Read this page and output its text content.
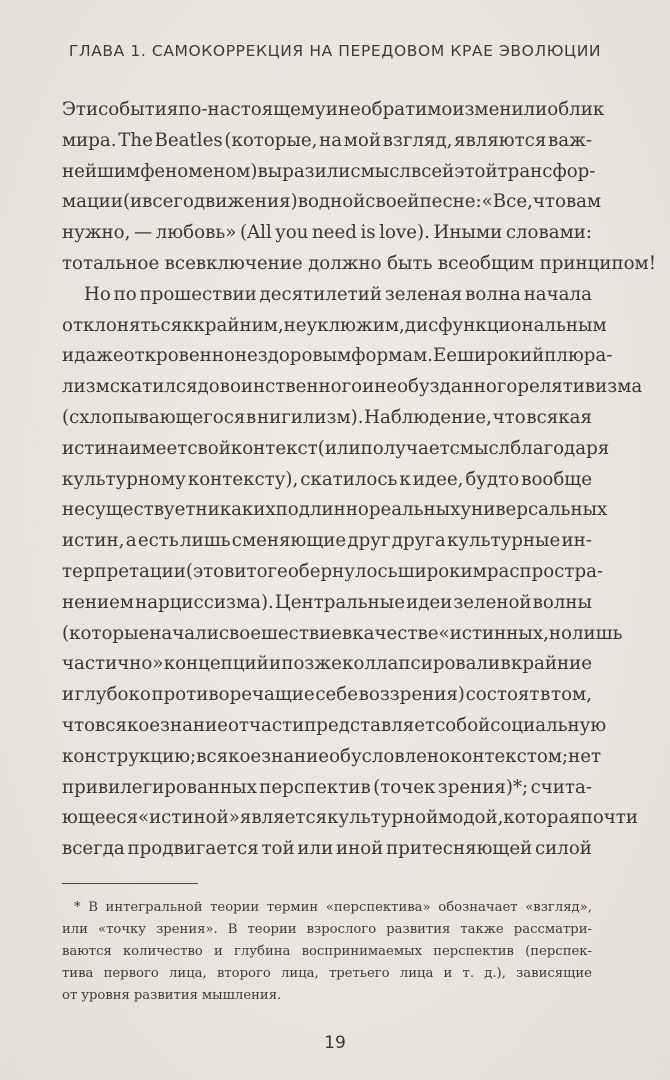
ГЛАВА 1. САМОКОРРЕКЦИЯ НА ПЕРЕДОВОМ КРАЕ ЭВОЛЮЦИИ
Эти события по-настоящему и необратимо изменили облик
мира. The Beatles (которые, на мой взгляд, являются важ-
нейшим феноменом) выразили смысл всей этой трансфор-
мации (и всего движения) в одной своей песне: «Все, что вам
нужно, — любовь» (All you need is love). Иными словами:
тотальное всевключение должно быть всеобщим принципом!
Но по прошествии десятилетий зеленая волна начала
отклоняться к крайним, неуклюжим, дисфункциональным
и даже откровенно нездоровым формам. Ее широкий плюра-
лизм скатился до воинственного и необузданного релятивизма
(схлопывающегося в нигилизм). Наблюдение, что всякая
истина имеет свой контекст (или получает смысл благодаря
культурному контексту), скатилось к идее, будто вообще
не существует никаких подлинно реальных универсальных
истин, а есть лишь сменяющие друг друга культурные ин-
терпретации (это в итоге обернулось широким распростра-
нением нарциссизма). Центральные идеи зеленой волны
(которые начали свое шествие в качестве «истинных, но лишь
частично» концепций и позже коллапсировали в крайние
и глубоко противоречащие себе воззрения) состоят в том,
что всякое знание отчасти представляет собой социальную
конструкцию; всякое знание обусловлено контекстом; нет
привилегированных перспектив (точек зрения)*; счита-
ющееся «истиной» является культурной модой, которая почти
всегда продвигается той или иной притесняющей силой
* В интегральной теории термин «перспектива» обозначает «взгляд»,
или «точку зрения». В теории взрослого развития также рассматри-
ваются количество и глубина воспринимаемых перспектив (перспек-
тива первого лица, второго лица, третьего лица и т. д.), зависящие
от уровня развития мышления.
19
